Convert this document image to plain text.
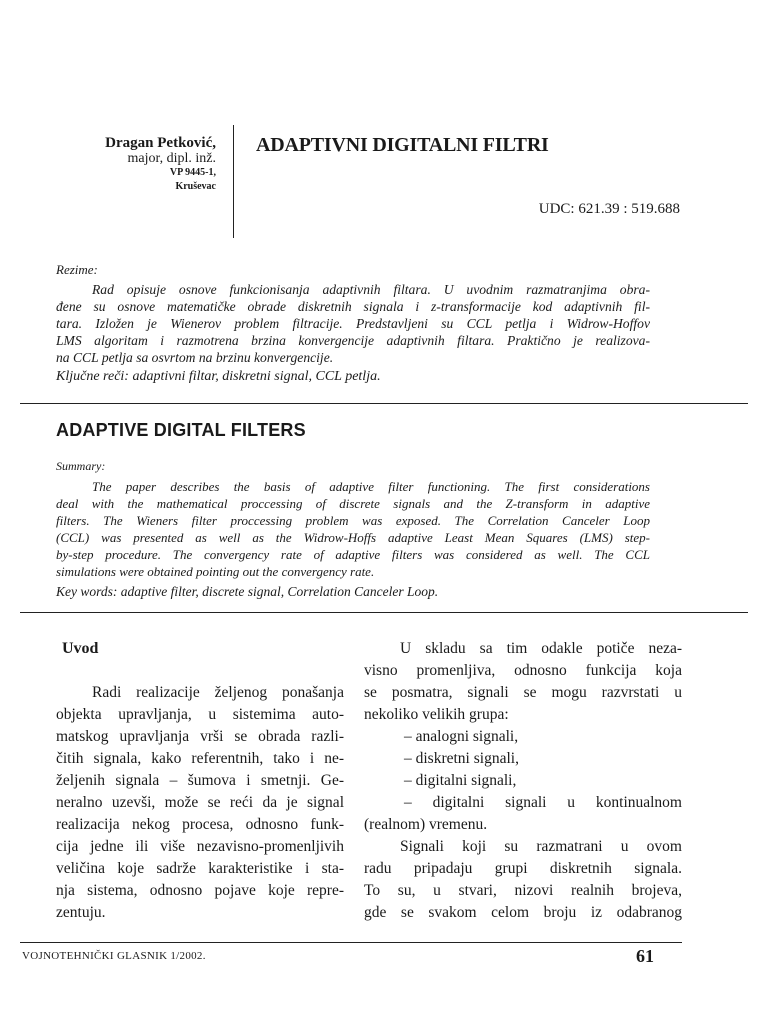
Dragan Petković,
major, dipl. inž.
VP 9445-1,
Kruševac
ADAPTIVNI DIGITALNI FILTRI
UDC: 621.39 : 519.688
Rezime:
Rad opisuje osnove funkcionisanja adaptivnih filtara. U uvodnim razmatranjima obra-
đene su osnove matematičke obrade diskretnih signala i z-transformacije kod adaptivnih fil-
tara. Izložen je Wienerov problem filtracije. Predstavljeni su CCL petlja i Widrow-Hoffov
LMS algoritam i razmotrena brzina konvergencije adaptivnih filtara. Praktično je realizova-
na CCL petlja sa osvrtom na brzinu konvergencije.
Ključne reči: adaptivni filtar, diskretni signal, CCL petlja.
ADAPTIVE DIGITAL FILTERS
Summary:
The paper describes the basis of adaptive filter functioning. The first considerations
deal with the mathematical proccessing of discrete signals and the Z-transform in adaptive
filters. The Wieners filter proccessing problem was exposed. The Correlation Canceler Loop
(CCL) was presented as well as the Widrow-Hoffs adaptive Least Mean Squares (LMS) step-
by-step procedure. The convergency rate of adaptive filters was considered as well. The CCL
simulations were obtained pointing out the convergency rate.
Key words: adaptive filter, discrete signal, Correlation Canceler Loop.
Uvod
Radi realizacije željenog ponašanja
objekta upravljanja, u sistemima auto-
matskog upravljanja vrši se obrada razli-
čitih signala, kako referentnih, tako i ne-
željenih signala – šumova i smetnji. Ge-
neralno uzevši, može se reći da je signal
realizacija nekog procesa, odnosno funk-
cija jedne ili više nezavisno-promenljivih
veličina koje sadrže karakteristike i sta-
nja sistema, odnosno pojave koje repre-
zentuju.
U skladu sa tim odakle potiče neza-
visno promenljiva, odnosno funkcija koja
se posmatra, signali se mogu razvrstati u
nekoliko velikih grupa:
– analogni signali,
– diskretni signali,
– digitalni signali,
– digitalni signali u kontinualnom
(realnom) vremenu.
Signali koji su razmatrani u ovom
radu pripadaju grupi diskretnih signala.
To su, u stvari, nizovi realnih brojeva,
gde se svakom celom broju iz odabranog
VOJNOTEHNIČKI GLASNIK 1/2002.	61
